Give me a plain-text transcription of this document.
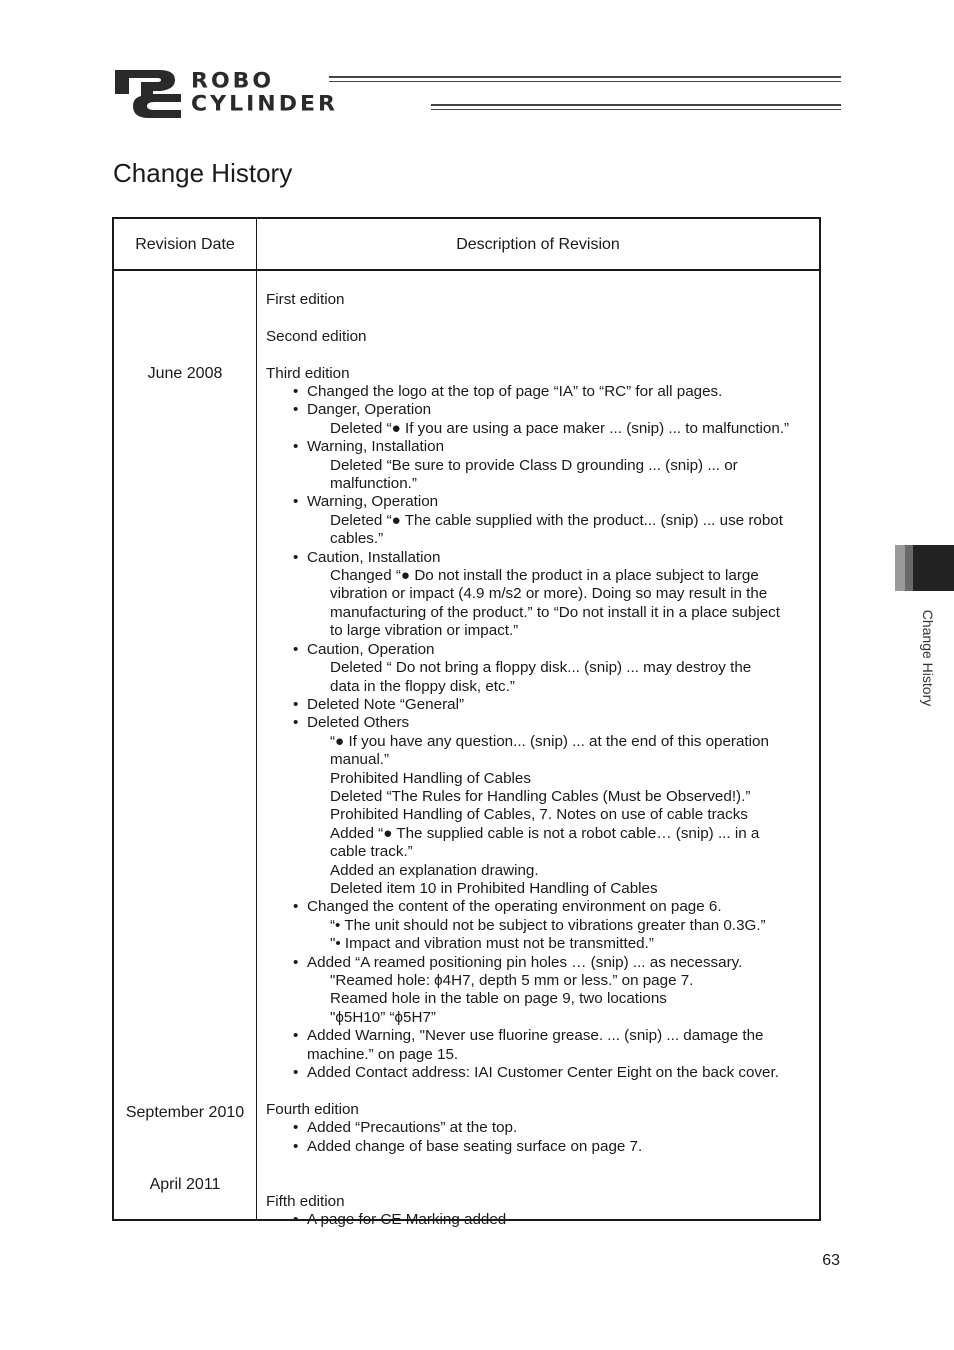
ROBO
CYLINDER
Change History
Revision Date	Description of Revision
June 2008
September 2010
April 2011
First edition
Second edition
Third edition
• Changed the logo at the top of page “IA” to “RC” for all pages.
• Danger, Operation
Deleted “● If you are using a pace maker ... (snip) ... to malfunction.”
• Warning, Installation
Deleted “Be sure to provide Class D grounding ... (snip) ... or
malfunction.”
• Warning, Operation
Deleted “● The cable supplied with the product... (snip) ... use robot
cables.”
• Caution, Installation
Changed “● Do not install the product in a place subject to large
vibration or impact (4.9 m/s2 or more). Doing so may result in the
manufacturing of the product.” to “Do not install it in a place subject
to large vibration or impact.”
• Caution, Operation
Deleted “ Do not bring a floppy disk... (snip) ... may destroy the
data in the floppy disk, etc.”
• Deleted Note “General”
• Deleted Others
“● If you have any question... (snip) ... at the end of this operation
manual.”
Prohibited Handling of Cables
Deleted “The Rules for Handling Cables (Must be Observed!).”
Prohibited Handling of Cables, 7. Notes on use of cable tracks
Added “● The supplied cable is not a robot cable… (snip) ... in a
cable track.”
Added an explanation drawing.
Deleted item 10 in Prohibited Handling of Cables
• Changed the content of the operating environment on page 6.
“• The unit should not be subject to vibrations greater than 0.3G.”
"• Impact and vibration must not be transmitted.”
• Added “A reamed positioning pin holes … (snip) ... as necessary.
"Reamed hole: ϕ4H7, depth 5 mm or less.” on page 7.
Reamed hole in the table on page 9, two locations
"ϕ5H10” “ϕ5H7”
• Added Warning, "Never use fluorine grease. ... (snip) ... damage the
machine.” on page 15.
• Added Contact address: IAI Customer Center Eight on the back cover.
Fourth edition
• Added “Precautions” at the top.
• Added change of base seating surface on page 7.
Fifth edition
• A page for CE Marking added
Change History
63
